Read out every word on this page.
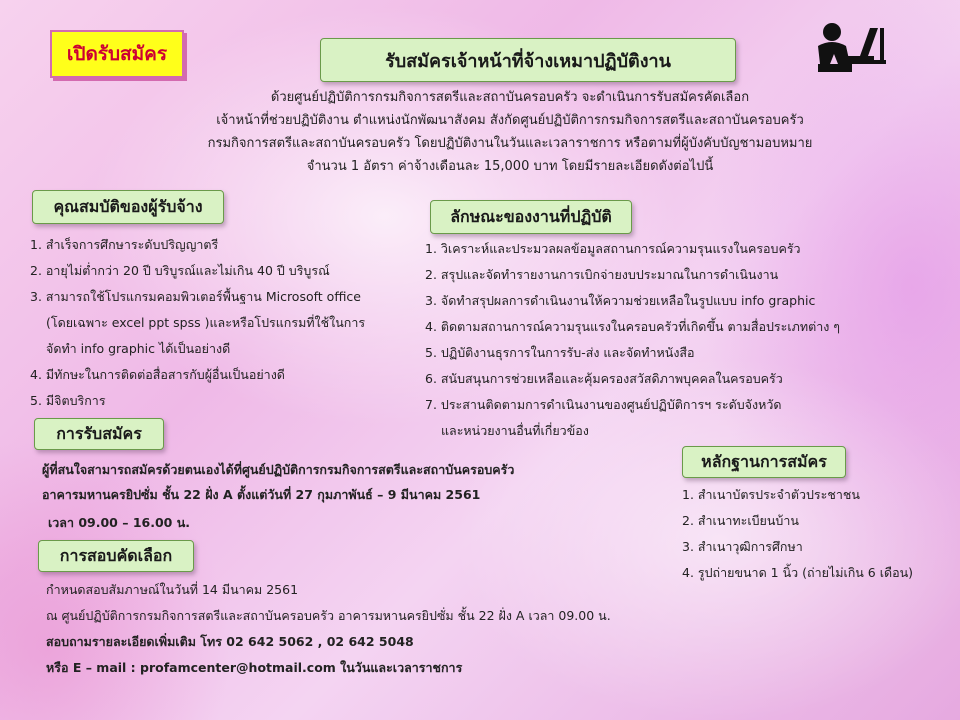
เปิดรับสมัคร	รับสมัครเจ้าหน้าที่จ้างเหมาปฏิบัติงาน
ด้วยศูนย์ปฏิบัติการกรมกิจการสตรีและสถาบันครอบครัว จะดำเนินการรับสมัครคัดเลือก
เจ้าหน้าที่ช่วยปฏิบัติงาน ตำแหน่งนักพัฒนาสังคม สังกัดศูนย์ปฏิบัติการกรมกิจการสตรีและสถาบันครอบครัว
กรมกิจการสตรีและสถาบันครอบครัว โดยปฏิบัติงานในวันและเวลาราชการ หรือตามที่ผู้บังคับบัญชามอบหมาย
จำนวน 1 อัตรา ค่าจ้างเดือนละ 15,000 บาท โดยมีรายละเอียดดังต่อไปนี้
คุณสมบัติของผู้รับจ้าง
1. สำเร็จการศึกษาระดับปริญญาตรี
2. อายุไม่ต่ำกว่า 20 ปี บริบูรณ์และไม่เกิน 40 ปี บริบูรณ์
3. สามารถใช้โปรแกรมคอมพิวเตอร์พื้นฐาน Microsoft office
(โดยเฉพาะ excel ppt spss )และหรือโปรแกรมที่ใช้ในการ
จัดทำ info graphic ได้เป็นอย่างดี
4. มีทักษะในการติดต่อสื่อสารกับผู้อื่นเป็นอย่างดี
5. มีจิตบริการ
ลักษณะของงานที่ปฏิบัติ
1. วิเคราะห์และประมวลผลข้อมูลสถานการณ์ความรุนแรงในครอบครัว
2. สรุปและจัดทำรายงานการเบิกจ่ายงบประมาณในการดำเนินงาน
3. จัดทำสรุปผลการดำเนินงานให้ความช่วยเหลือในรูปแบบ info graphic
4. ติดตามสถานการณ์ความรุนแรงในครอบครัวที่เกิดขึ้น ตามสื่อประเภทต่าง ๆ
5. ปฏิบัติงานธุรการในการรับ-ส่ง และจัดทำหนังสือ
6. สนับสนุนการช่วยเหลือและคุ้มครองสวัสดิภาพบุคคลในครอบครัว
7. ประสานติดตามการดำเนินงานของศูนย์ปฏิบัติการฯ ระดับจังหวัด
และหน่วยงานอื่นที่เกี่ยวข้อง
การรับสมัคร
ผู้ที่สนใจสามารถสมัครด้วยตนเองได้ที่ศูนย์ปฏิบัติการกรมกิจการสตรีและสถาบันครอบครัว
อาคารมหานครยิปซั่ม ชั้น 22 ฝั่ง A ตั้งแต่วันที่ 27 กุมภาพันธ์ – 9 มีนาคม 2561
เวลา 09.00 – 16.00 น.
หลักฐานการสมัคร
1. สำเนาบัตรประจำตัวประชาชน
2. สำเนาทะเบียนบ้าน
3. สำเนาวุฒิการศึกษา
4. รูปถ่ายขนาด 1 นิ้ว (ถ่ายไม่เกิน 6 เดือน)
การสอบคัดเลือก
กำหนดสอบสัมภาษณ์ในวันที่ 14 มีนาคม 2561
ณ ศูนย์ปฏิบัติการกรมกิจการสตรีและสถาบันครอบครัว อาคารมหานครยิปซั่ม ชั้น 22 ฝั่ง A เวลา 09.00 น.
สอบถามรายละเอียดเพิ่มเติม โทร 02 642 5062 , 02 642 5048
หรือ E – mail : profamcenter@hotmail.com ในวันและเวลาราชการ
